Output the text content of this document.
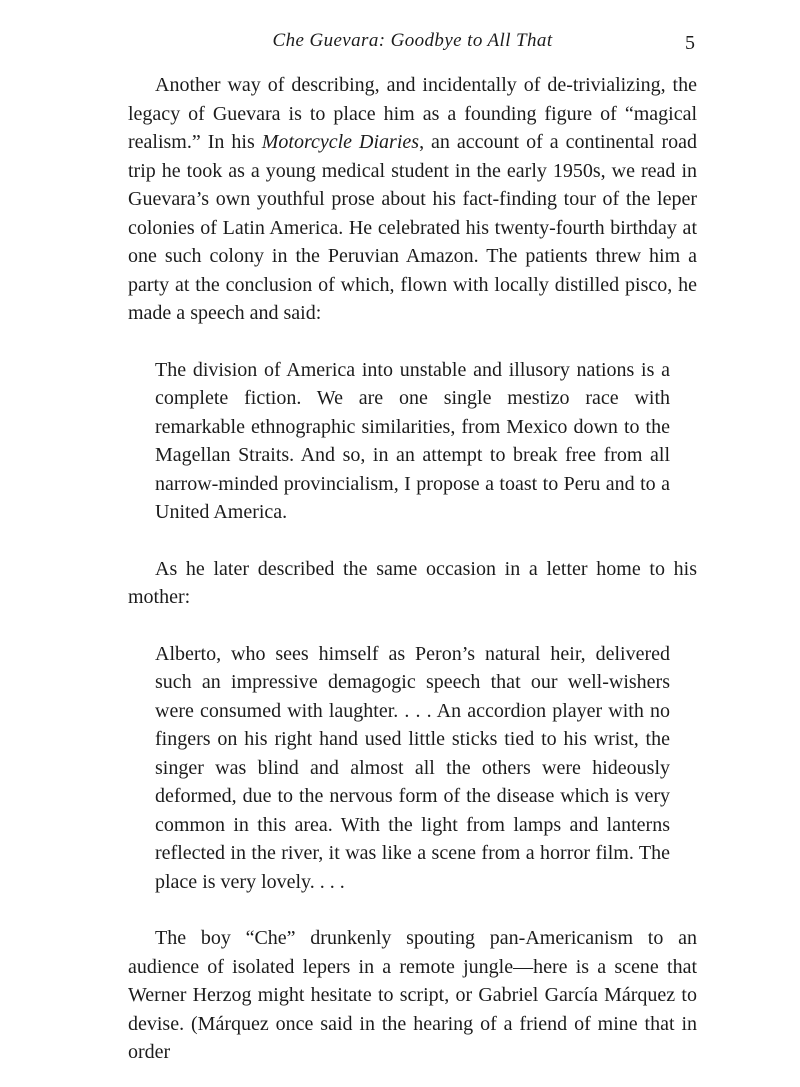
Che Guevara: Goodbye to All That	5

Another way of describing, and incidentally of de-trivializing, the legacy of Guevara is to place him as a founding figure of “magical realism.” In his Motorcycle Diaries, an account of a continental road trip he took as a young medical student in the early 1950s, we read in Guevara’s own youthful prose about his fact-finding tour of the leper colonies of Latin America. He celebrated his twenty-fourth birthday at one such colony in the Peruvian Amazon. The patients threw him a party at the conclusion of which, flown with locally distilled pisco, he made a speech and said:

The division of America into unstable and illusory nations is a complete fiction. We are one single mestizo race with remarkable ethnographic similarities, from Mexico down to the Magellan Straits. And so, in an attempt to break free from all narrow-minded provincialism, I propose a toast to Peru and to a United America.

As he later described the same occasion in a letter home to his mother:

Alberto, who sees himself as Peron’s natural heir, delivered such an impressive demagogic speech that our well-wishers were consumed with laughter. . . . An accordion player with no fingers on his right hand used little sticks tied to his wrist, the singer was blind and almost all the others were hideously deformed, due to the nervous form of the disease which is very common in this area. With the light from lamps and lanterns reflected in the river, it was like a scene from a horror film. The place is very lovely. . . .

The boy “Che” drunkenly spouting pan-Americanism to an audience of isolated lepers in a remote jungle—here is a scene that Werner Herzog might hesitate to script, or Gabriel García Márquez to devise. (Márquez once said in the hearing of a friend of mine that in order
